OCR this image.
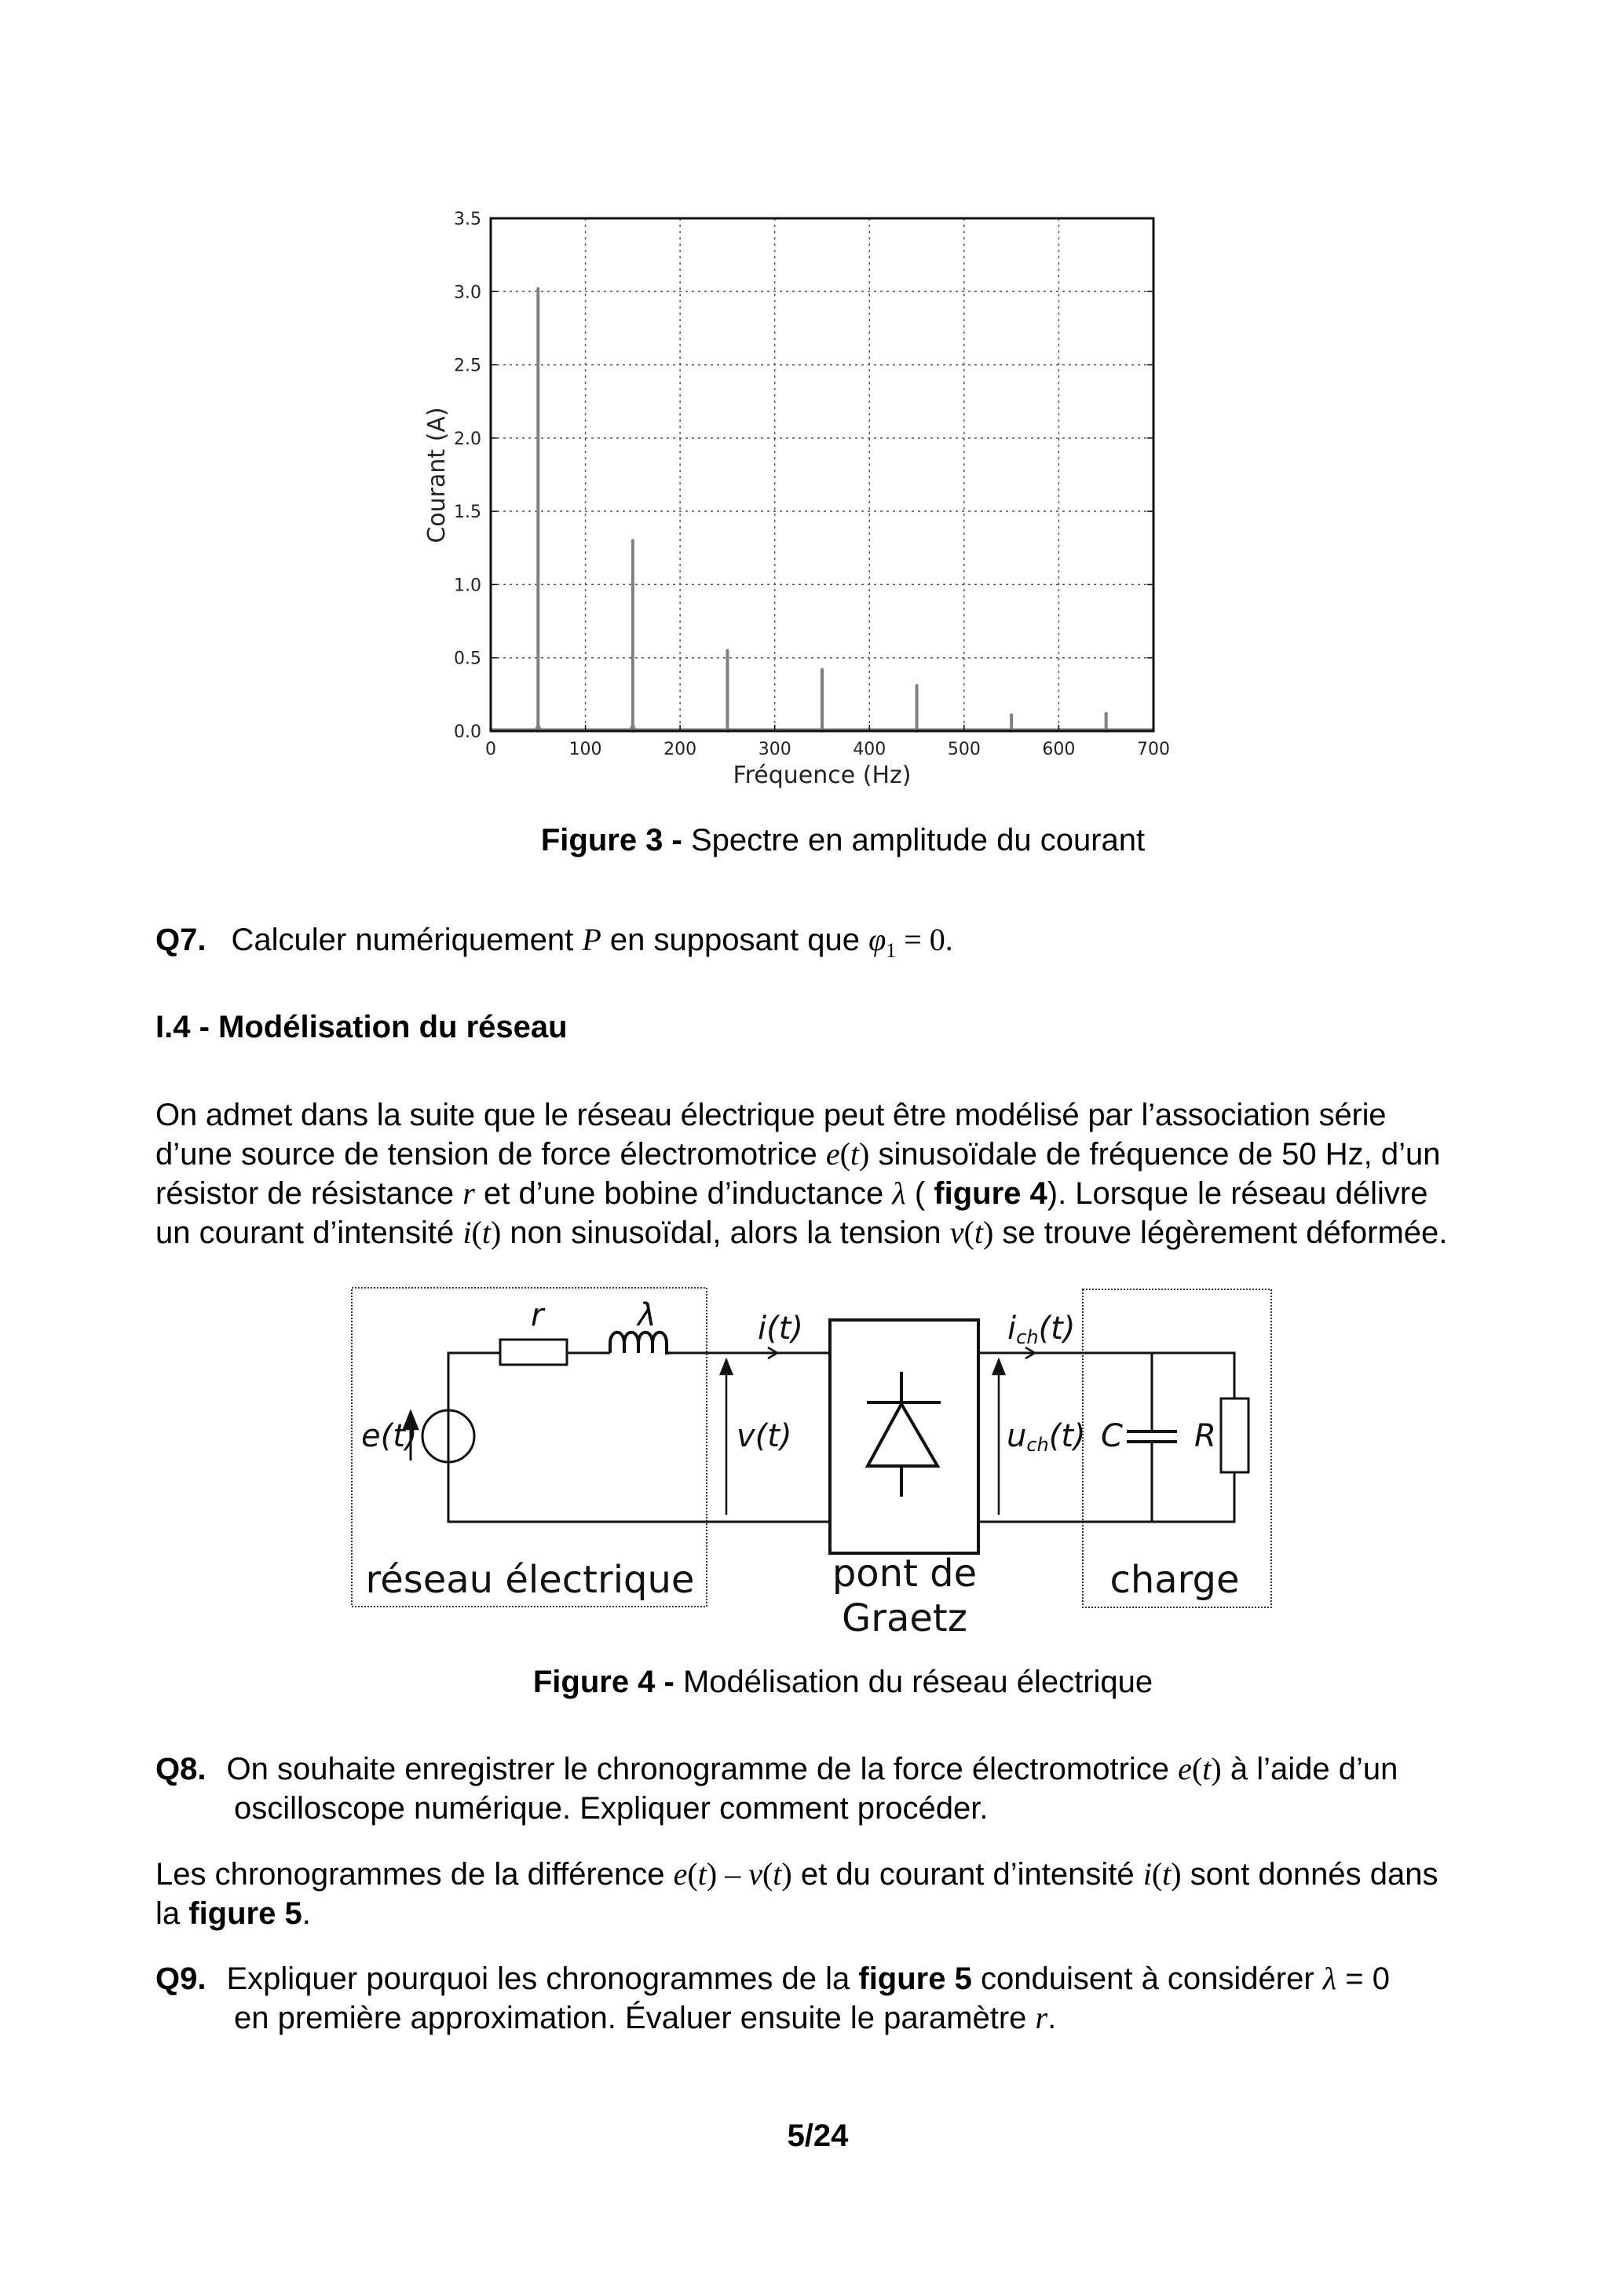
0.0
0.5
1.0
1.5
2.0
2.5
3.0
3.5
0	100	200	300	400	500	600	700
Fréquence (Hz)
Courant (A)
Figure 3 - Spectre en amplitude du courant
Q7. Calculer numériquement P en supposant que $\varphi_1 = 0$.
I.4 - Modélisation du réseau
On admet dans la suite que le réseau électrique peut être modélisé par l’association série
d’une source de tension de force électromotrice e(t) sinusoïdale de fréquence de 50 Hz, d’un
résistor de résistance r et d’une bobine d’inductance λ ( figure 4). Lorsque le réseau délivre
un courant d’intensité i(t) non sinusoïdal, alors la tension v(t) se trouve légèrement déformée.
r	λ	i(t)
e(t)	v(t)
ich(t)
uch(t) C R
réseau électrique	pont de
Graetz
charge
Figure 4 - Modélisation du réseau électrique
Q8. On souhaite enregistrer le chronogramme de la force électromotrice e(t) à l’aide d’un
oscilloscope numérique. Expliquer comment procéder.
Les chronogrammes de la différence e(t) – v(t) et du courant d’intensité i(t) sont donnés dans
la figure 5.
Q9. Expliquer pourquoi les chronogrammes de la figure 5 conduisent à considérer λ = 0
en première approximation. Évaluer ensuite le paramètre r.
5/24
